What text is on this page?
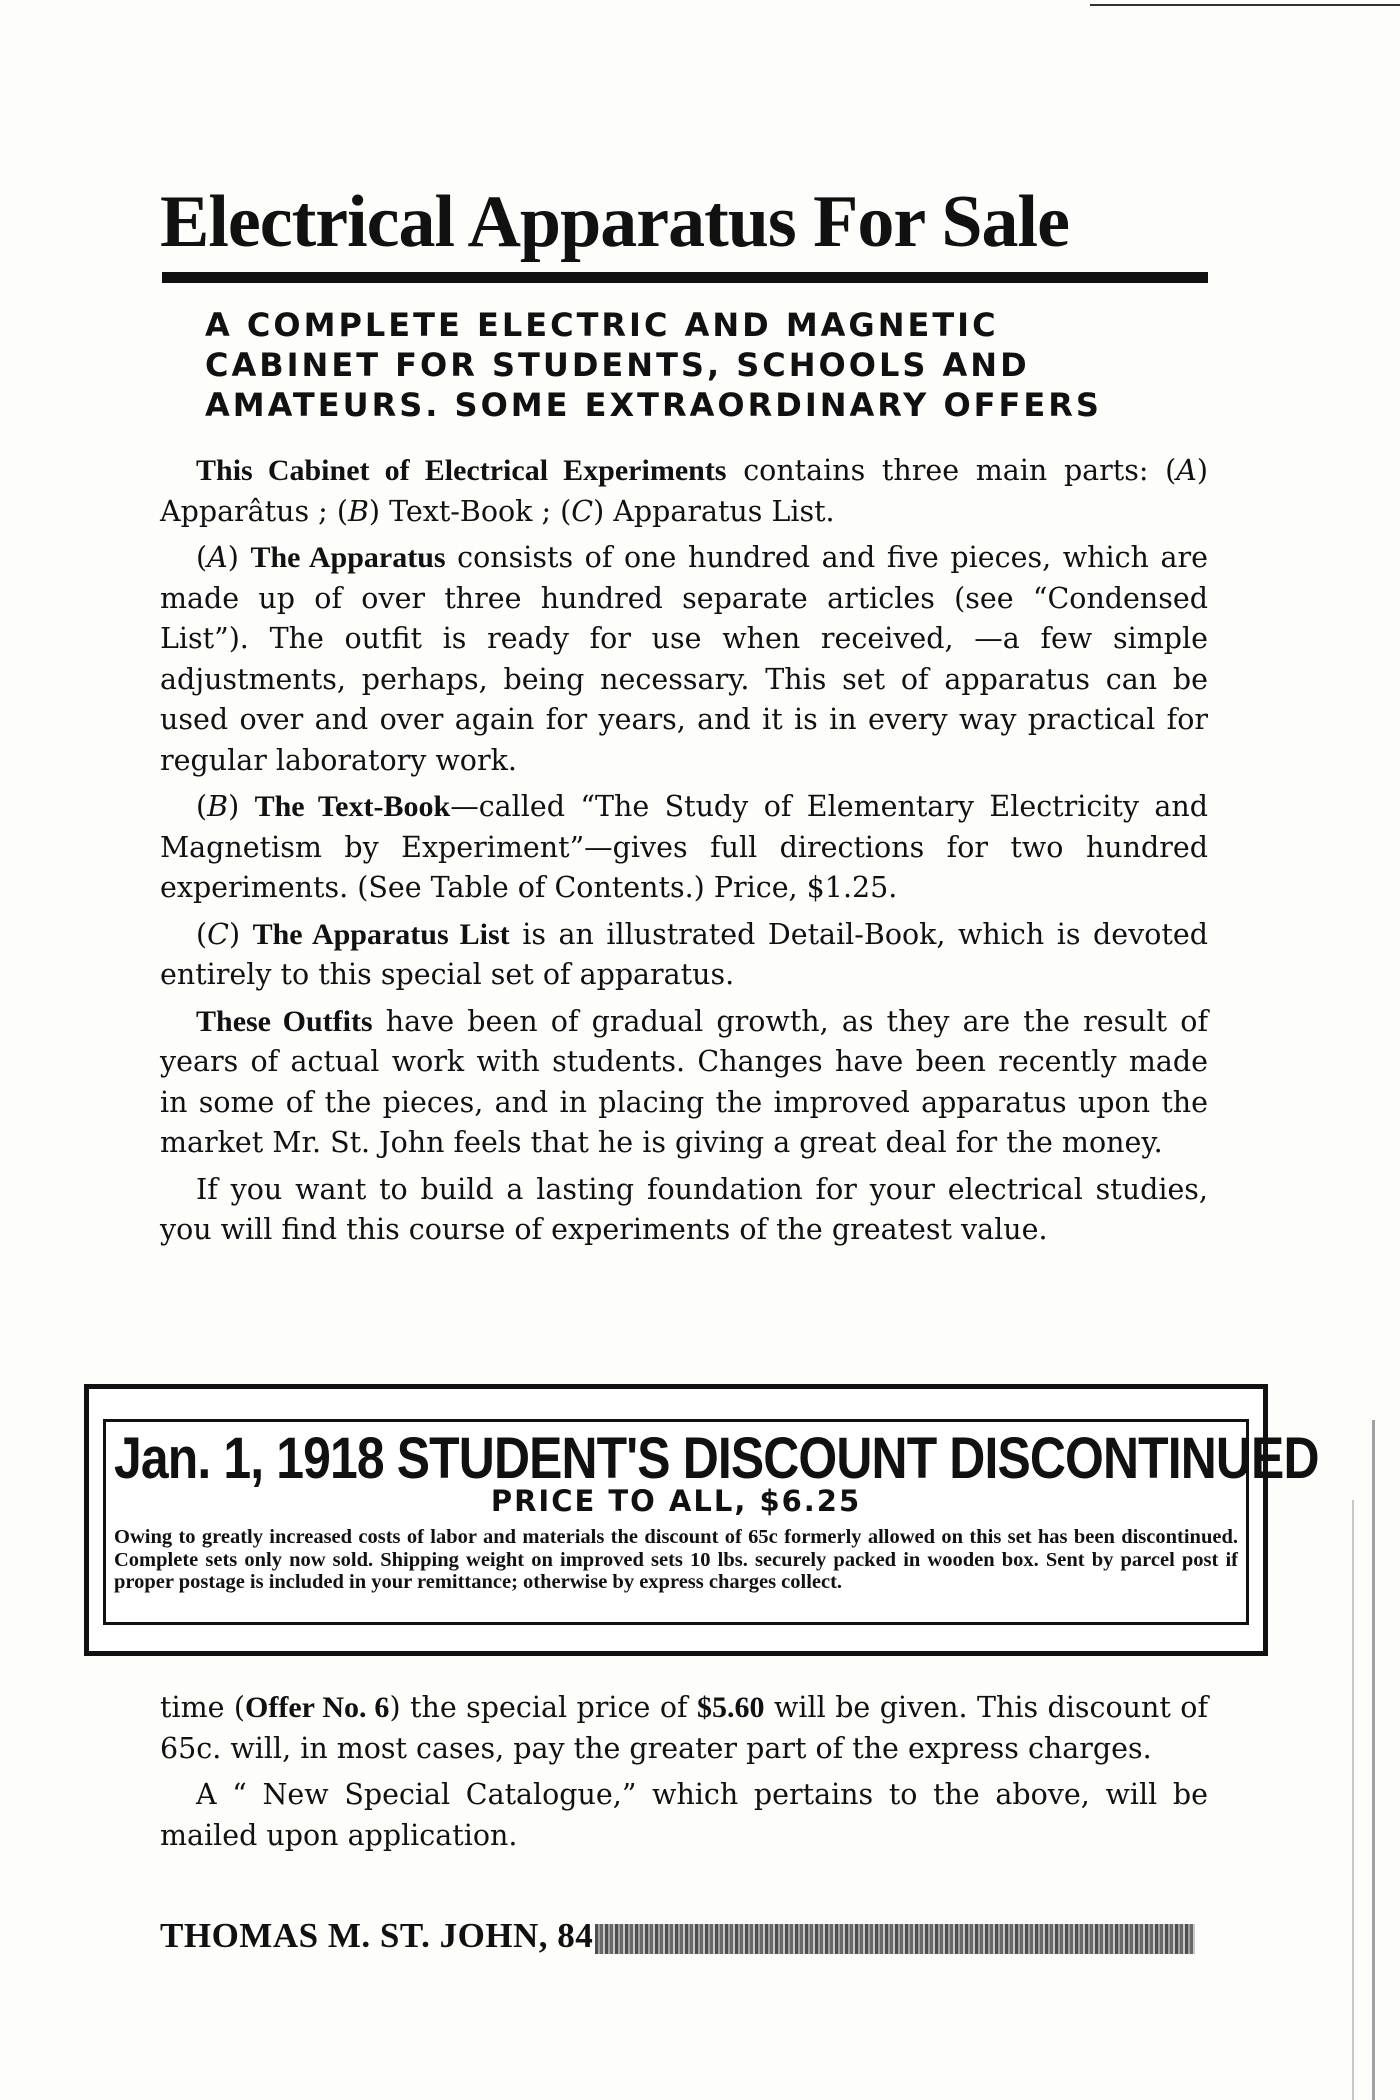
Electrical Apparatus For Sale
A COMPLETE ELECTRIC AND MAGNETIC
CABINET FOR STUDENTS, SCHOOLS AND
AMATEURS. SOME EXTRAORDINARY OFFERS

This Cabinet of Electrical Experiments contains three main parts: (A) Apparâtus ; (B) Text-Book ; (C) Apparatus List.

(A) The Apparatus consists of one hundred and five pieces, which are made up of over three hundred separate articles (see “Condensed List”). The outfit is ready for use when received, —a few simple adjustments, perhaps, being necessary. This set of apparatus can be used over and over again for years, and it is in every way practical for regular laboratory work.

(B) The Text-Book—called “The Study of Elementary Electricity and Magnetism by Experiment”—gives full directions for two hundred experiments. (See Table of Contents.) Price, $1.25.

(C) The Apparatus List is an illustrated Detail-Book, which is devoted entirely to this special set of apparatus.

These Outfits have been of gradual growth, as they are the result of years of actual work with students. Changes have been recently made in some of the pieces, and in placing the improved apparatus upon the market Mr. St. John feels that he is giving a great deal for the money.

If you want to build a lasting foundation for your electrical studies, you will find this course of experiments of the greatest value.

Jan. 1, 1918 STUDENT'S DISCOUNT DISCONTINUED
PRICE TO ALL, $6.25
Owing to greatly increased costs of labor and materials the discount of 65c formerly allowed on this set has been discontinued. Complete sets only now sold. Shipping weight on improved sets 10 lbs. securely packed in wooden box. Sent by parcel post if proper postage is included in your remittance; otherwise by express charges collect.

time (Offer No. 6) the special price of $5.60 will be given. This discount of 65c. will, in most cases, pay the greater part of the express charges.

A “ New Special Catalogue,” which pertains to the above, will be mailed upon application.

THOMAS M. ST. JOHN, 84
